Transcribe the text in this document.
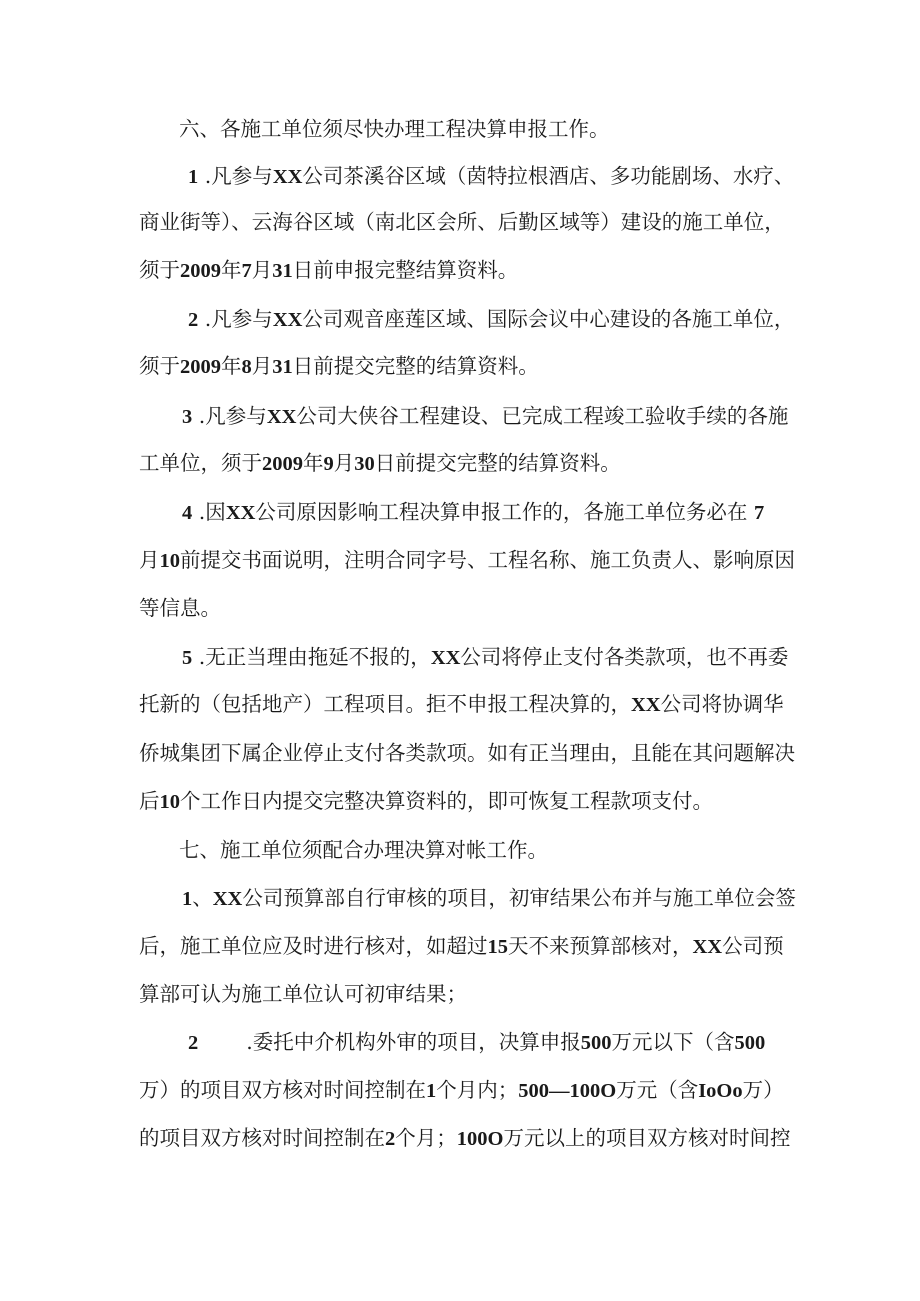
六、各施工单位须尽快办理工程决算申报工作。
1 .凡参与XX公司茶溪谷区域（茵特拉根酒店、多功能剧场、水疗、
商业街等）、云海谷区域（南北区会所、后勤区域等）建设的施工单位，
须于2009年7月31日前申报完整结算资料。
2 .凡参与XX公司观音座莲区域、国际会议中心建设的各施工单位，
须于2009年8月31日前提交完整的结算资料。
3 .凡参与XX公司大侠谷工程建设、已完成工程竣工验收手续的各施
工单位，须于2009年9月30日前提交完整的结算资料。
4 .因XX公司原因影响工程决算申报工作的，各施工单位务必在 7
月10前提交书面说明，注明合同字号、工程名称、施工负责人、影响原因
等信息。
5 .无正当理由拖延不报的，XX公司将停止支付各类款项，也不再委
托新的（包括地产）工程项目。拒不申报工程决算的，XX公司将协调华
侨城集团下属企业停止支付各类款项。如有正当理由，且能在其问题解决
后10个工作日内提交完整决算资料的，即可恢复工程款项支付。
七、施工单位须配合办理决算对帐工作。
1、XX公司预算部自行审核的项目，初审结果公布并与施工单位会签
后，施工单位应及时进行核对，如超过15天不来预算部核对，XX公司预
算部可认为施工单位认可初审结果；
2 .委托中介机构外审的项目，决算申报500万元以下（含500
万）的项目双方核对时间控制在1个月内；500—100O万元（含IoOo万）
的项目双方核对时间控制在2个月；100O万元以上的项目双方核对时间控
